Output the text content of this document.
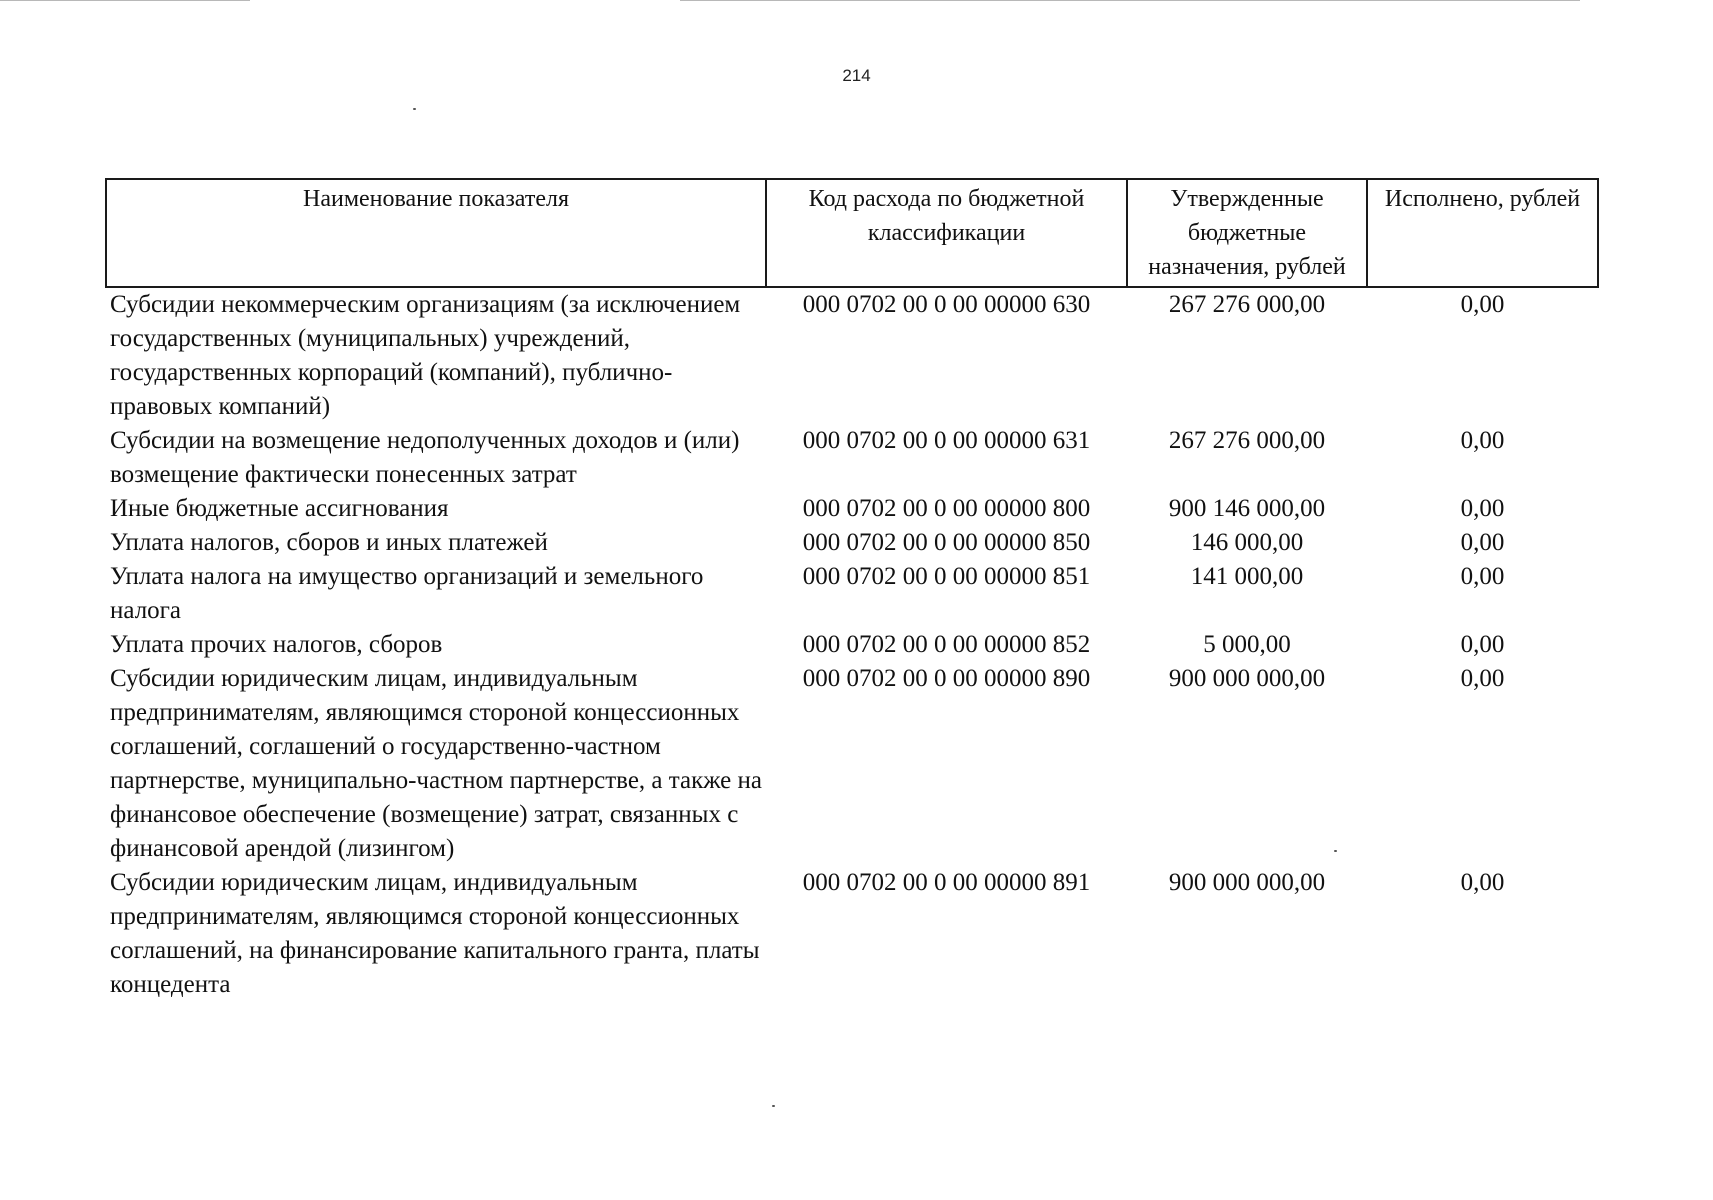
214
Наименование показателя	Код расхода по бюджетной классификации	Утвержденные бюджетные назначения, рублей	Исполнено, рублей
Субсидии некоммерческим организациям (за исключением государственных (муниципальных) учреждений, государственных корпораций (компаний), публично-правовых компаний)	000 0702 00 0 00 00000 630	267 276 000,00	0,00
Субсидии на возмещение недополученных доходов и (или) возмещение фактически понесенных затрат	000 0702 00 0 00 00000 631	267 276 000,00	0,00
Иные бюджетные ассигнования	000 0702 00 0 00 00000 800	900 146 000,00	0,00
Уплата налогов, сборов и иных платежей	000 0702 00 0 00 00000 850	146 000,00	0,00
Уплата налога на имущество организаций и земельного налога	000 0702 00 0 00 00000 851	141 000,00	0,00
Уплата прочих налогов, сборов	000 0702 00 0 00 00000 852	5 000,00	0,00
Субсидии юридическим лицам, индивидуальным предпринимателям, являющимся стороной концессионных соглашений, соглашений о государственно-частном партнерстве, муниципально-частном партнерстве, а также на финансовое обеспечение (возмещение) затрат, связанных с финансовой арендой (лизингом)	000 0702 00 0 00 00000 890	900 000 000,00	0,00
Субсидии юридическим лицам, индивидуальным предпринимателям, являющимся стороной концессионных соглашений, на финансирование капитального гранта, платы концедента	000 0702 00 0 00 00000 891	900 000 000,00	0,00
